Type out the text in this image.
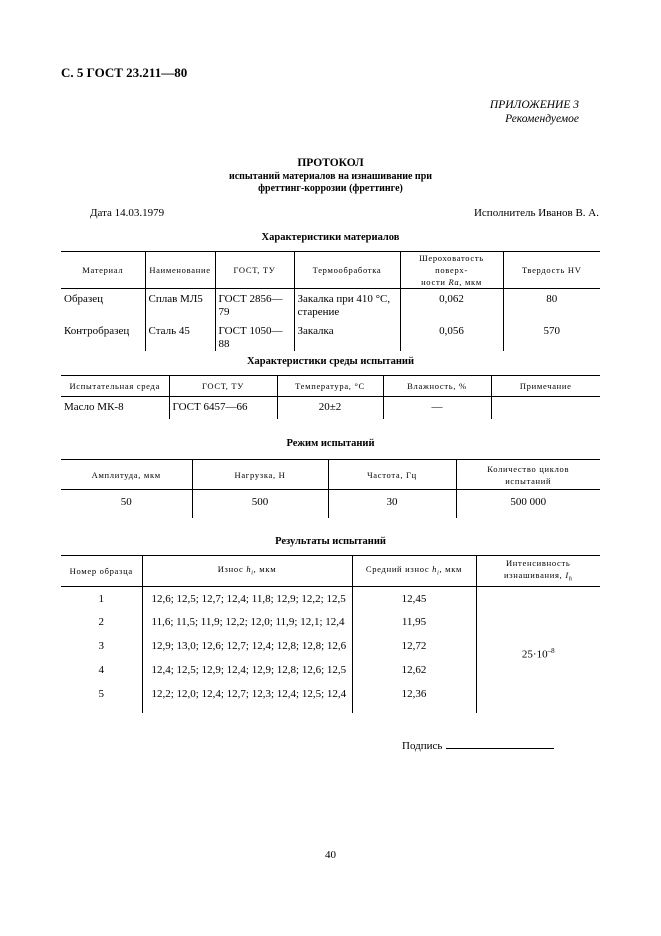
С. 5 ГОСТ 23.211—80
ПРИЛОЖЕНИЕ 3
Рекомендуемое
ПРОТОКОЛ
испытаний материалов на изнашивание при
фреттинг-коррозии (фреттинге)
Дата 14.03.1979	Исполнитель Иванов В. А.
Характеристики материалов
Материал	Наименование	ГОСТ, ТУ	Термообработка	Шероховатость поверх-
ности Ra, мкм	Твердость HV
Образец	Сплав МЛ5	ГОСТ 2856—79	Закалка при 410 °С,
старение	0,062	80
Контробразец	Сталь 45	ГОСТ 1050—88	Закалка	0,056	570
Характеристики среды испытаний
Испытательная среда	ГОСТ, ТУ	Температура, °С	Влажность, %	Примечание
Масло МК-8	ГОСТ 6457—66	20±2	—	
Режим испытаний
Амплитуда, мкм	Нагрузка, Н	Частота, Гц	Количество циклов
испытаний
50	500	30	500 000
Результаты испытаний
Номер образца	Износ $h_i$, мкм	Средний износ $h_i$, мкм	Интенсивность
изнашивания, $I_h$
1	12,6; 12,5; 12,7; 12,4; 11,8; 12,9; 12,2; 12,5	12,45	$25\cdot 10^{-8}$
2	11,6; 11,5; 11,9; 12,2; 12,0; 11,9; 12,1; 12,4	11,95	
3	12,9; 13,0; 12,6; 12,7; 12,4; 12,8; 12,8; 12,6	12,72	
4	12,4; 12,5; 12,9; 12,4; 12,9; 12,8; 12,6; 12,5	12,62	
5	12,2; 12,0; 12,4; 12,7; 12,3; 12,4; 12,5; 12,4	12,36	
Подпись
40
